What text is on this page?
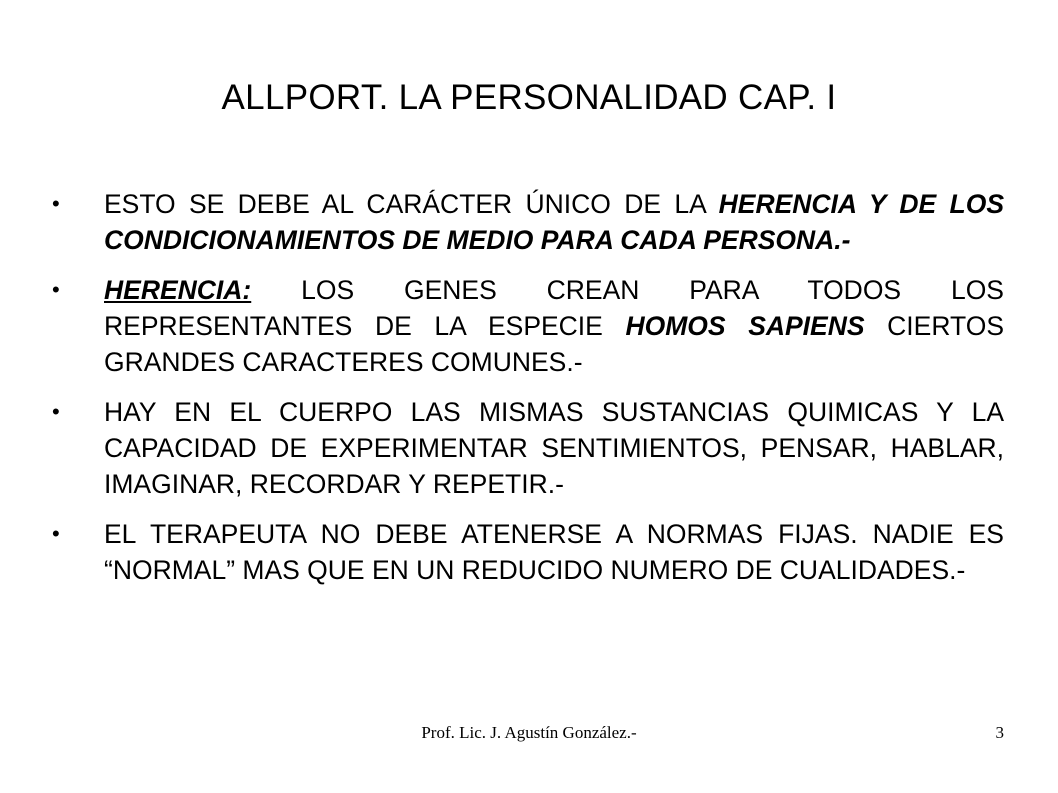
ALLPORT. LA PERSONALIDAD CAP. I
• ESTO SE DEBE AL CARÁCTER ÚNICO DE LA HERENCIA Y DE LOS CONDICIONAMIENTOS DE MEDIO PARA CADA PERSONA.-
• HERENCIA: LOS GENES CREAN PARA TODOS LOS REPRESENTANTES DE LA ESPECIE HOMOS SAPIENS CIERTOS GRANDES CARACTERES COMUNES.-
• HAY EN EL CUERPO LAS MISMAS SUSTANCIAS QUIMICAS Y LA CAPACIDAD DE EXPERIMENTAR SENTIMIENTOS, PENSAR, HABLAR, IMAGINAR, RECORDAR Y REPETIR.-
• EL TERAPEUTA NO DEBE ATENERSE A NORMAS FIJAS. NADIE ES “NORMAL” MAS QUE EN UN REDUCIDO NUMERO DE CUALIDADES.-
Prof. Lic. J. Agustín González.-	3
